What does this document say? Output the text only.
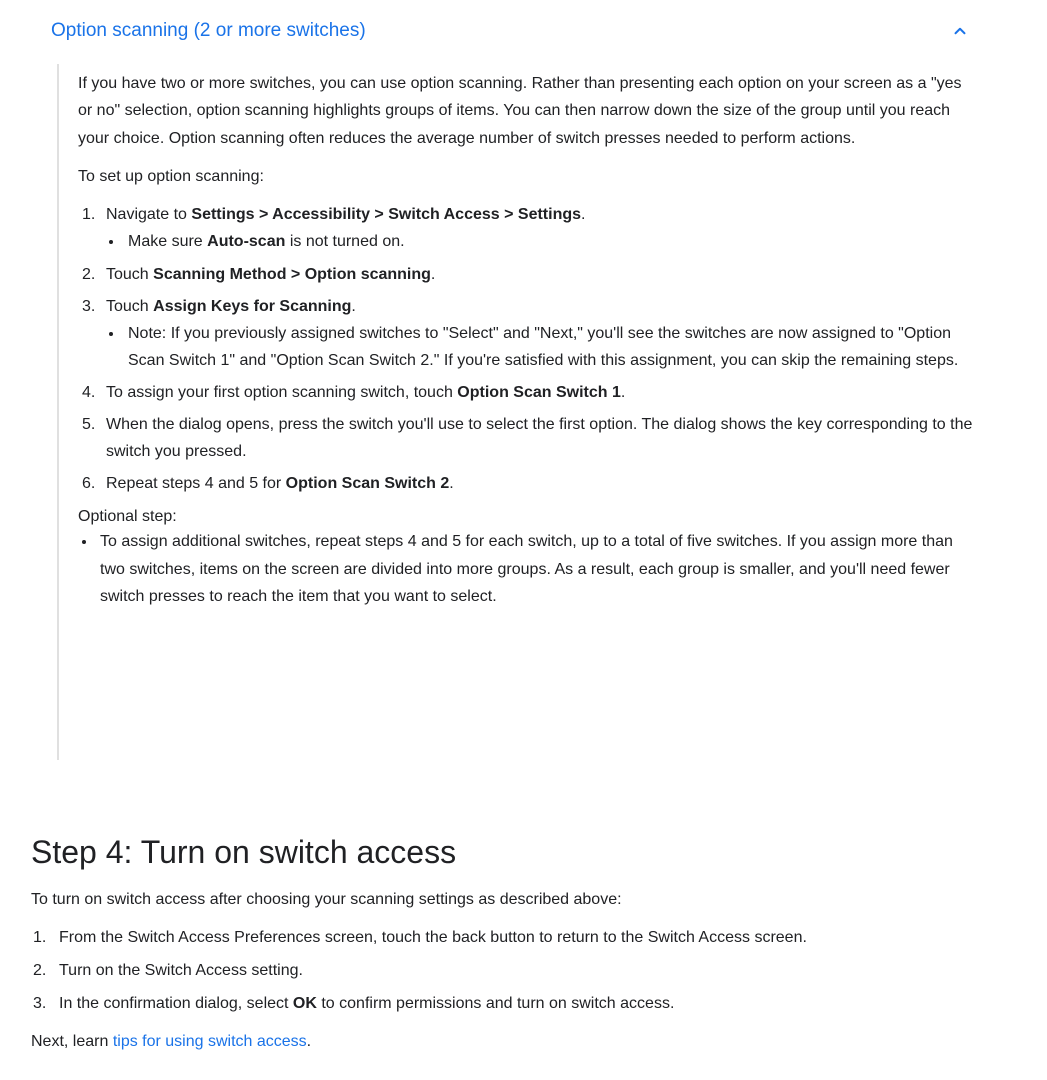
Option scanning (2 or more switches)

If you have two or more switches, you can use option scanning. Rather than presenting each option on your screen as a "yes or no" selection, option scanning highlights groups of items. You can then narrow down the size of the group until you reach your choice. Option scanning often reduces the average number of switch presses needed to perform actions.

To set up option scanning:

1. Navigate to Settings > Accessibility > Switch Access > Settings.
Make sure Auto-scan is not turned on.
2. Touch Scanning Method > Option scanning.
3. Touch Assign Keys for Scanning.
Note: If you previously assigned switches to "Select" and "Next," you'll see the switches are now assigned to "Option Scan Switch 1" and "Option Scan Switch 2." If you're satisfied with this assignment, you can skip the remaining steps.
4. To assign your first option scanning switch, touch Option Scan Switch 1.
5. When the dialog opens, press the switch you'll use to select the first option. The dialog shows the key corresponding to the switch you pressed.
6. Repeat steps 4 and 5 for Option Scan Switch 2.

Optional step:

To assign additional switches, repeat steps 4 and 5 for each switch, up to a total of five switches. If you assign more than two switches, items on the screen are divided into more groups. As a result, each group is smaller, and you'll need fewer switch presses to reach the item that you want to select.
Step 4: Turn on switch access

To turn on switch access after choosing your scanning settings as described above:

1. From the Switch Access Preferences screen, touch the back button to return to the Switch Access screen.
2. Turn on the Switch Access setting.
3. In the confirmation dialog, select OK to confirm permissions and turn on switch access.

Next, learn tips for using switch access.
